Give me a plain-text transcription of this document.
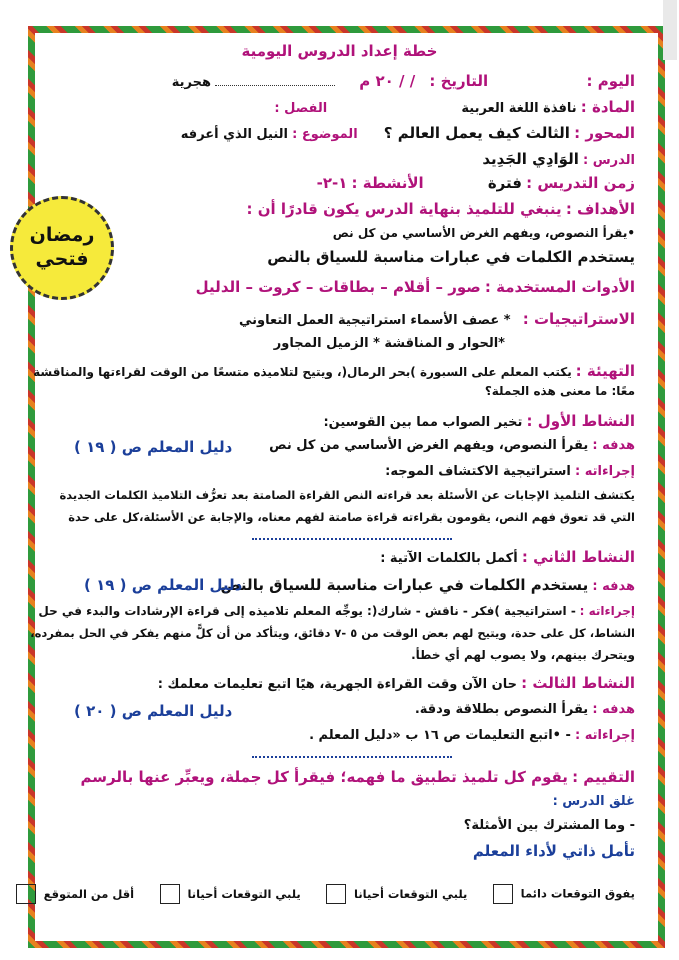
خطة إعداد الدروس اليومية
اليوم :  التاريخ : / / ٢٠ م  هجرية
المادة : نافذة اللغة العربية الفصل :
المحور : الثالث كيف يعمل العالم ؟ الموضوع : النيل الذي أعرفه
الدرس : الوَادِي الجَدِيد
زمن التدريس : فترة الأنشطة : ١-٢-
الأهداف : ينبغي للتلميذ بنهاية الدرس يكون قادرًا أن :
•يقرأ النصوص، ويفهم الغرض الأساسي من كل نص
يستخدم الكلمات في عبارات مناسبة للسياق بالنص
الأدوات المستخدمة : صور – أقلام – بطاقات – كروت – الدليل
الاستراتيجيات : * عصف الأسماء استراتيجية العمل التعاوني
*الحوار و المناقشة * الزميل المجاور
التهيئة : يكتب المعلم على السبورة )بحر الرمال(، ويتيح لتلاميذه متسعًا من الوقت لقراءتها والمناقشة
معًا: ما معنى هذه الجملة؟
النشاط الأول : تخير الصواب مما بين القوسين:
هدفه : يقرأ النصوص، ويفهم الغرض الأساسي من كل نص
دليل المعلم ص ( ١٩ )
إجراءاته : استراتيجية الاكتشاف الموجه:
يكتشف التلميذ الإجابات عن الأسئلة بعد قراءته النص القراءة الصامتة بعد تعرُّف التلاميذ الكلمات الجديدة
التي قد تعوق فهم النص، يقومون بقراءته قراءة صامتة لفهم معناه، والإجابة عن الأسئلة،كل على حدة
النشاط الثاني : أكمل بالكلمات الآتية :
هدفه : يستخدم الكلمات في عبارات مناسبة للسياق بالنص
دليل المعلم ص ( ١٩ )
إجراءاته : - استراتيجية )فكر - ناقش - شارك(: يوجِّه المعلم تلاميذه إلى قراءة الإرشادات والبدء في حل
النشاط، كل على حدة، ويتيح لهم بعض الوقت من ٥ -٧ دقائق، ويتأكد من أن كلًّ منهم يفكر في الحل بمفرده،
ويتحرك بينهم، ولا يصوب لهم أي خطأ.
النشاط الثالث : حان الآن وقت القراءة الجهرية، هيًا اتبع تعليمات معلمك :
هدفه : يقرأ النصوص بطلاقة ودقة.
دليل المعلم ص ( ٢٠ )
إجراءاته : - •اتبع التعليمات ص ١٦ ب «دليل المعلم .
التقييم : يقوم كل تلميذ تطبيق ما فهمه؛ فيقرأ كل جملة، ويعبِّر عنها بالرسم
غلق الدرس :
- وما المشترك بين الأمثلة؟
تأمل ذاتي لأداء المعلم
يفوق التوقعات دائما  يلبي التوقعات أحيانا  يلبي التوقعات أحيانا  أقل من المتوقع
رمضان
فتحي
